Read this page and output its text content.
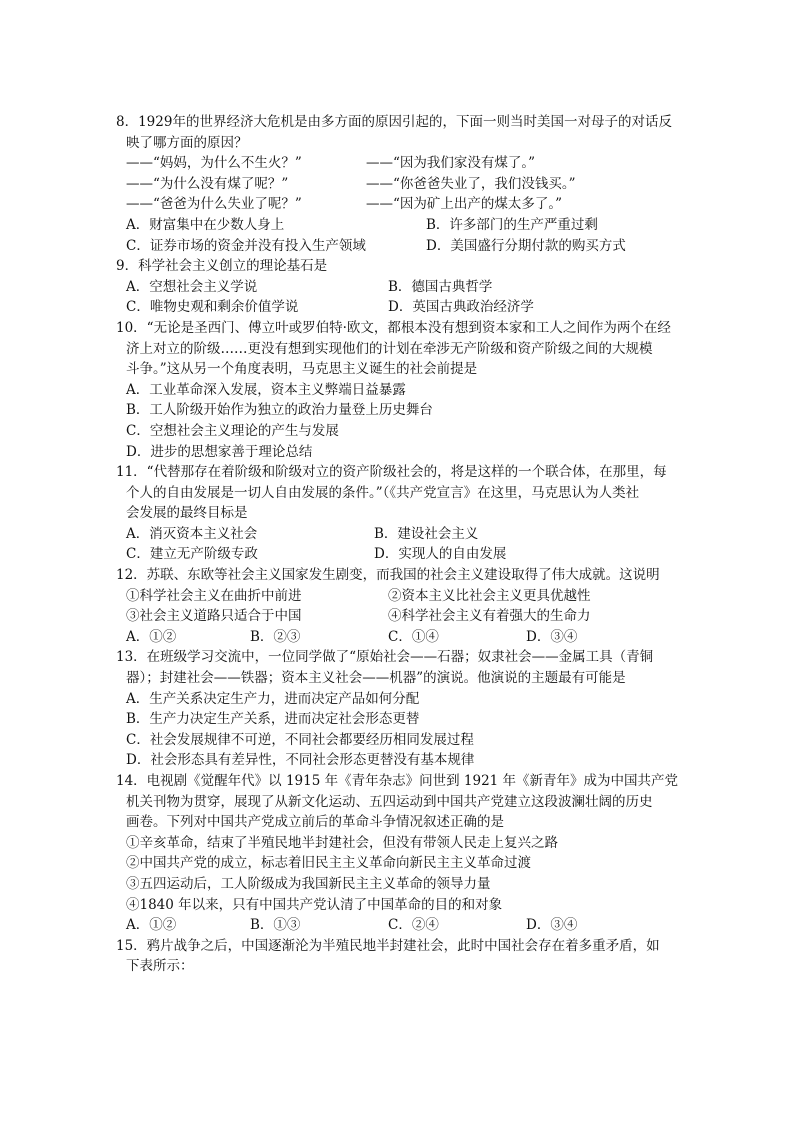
8．1929年的世界经济大危机是由多方面的原因引起的，下面一则当时美国一对母子的对话反
映了哪方面的原因？
——“妈妈，为什么不生火？”	——“因为我们家没有煤了。”
——“为什么没有煤了呢？”	——“你爸爸失业了，我们没钱买。”
——“爸爸为什么失业了呢？”	——“因为矿上出产的煤太多了。”
A．财富集中在少数人身上	B．许多部门的生产严重过剩
C．证券市场的资金并没有投入生产领域	D．美国盛行分期付款的购买方式
9．科学社会主义创立的理论基石是
A．空想社会主义学说	B．德国古典哲学
C．唯物史观和剩余价值学说	D．英国古典政治经济学
10．“无论是圣西门、傅立叶或罗伯特·欧文，都根本没有想到资本家和工人之间作为两个在经
济上对立的阶级……更没有想到实现他们的计划在牵涉无产阶级和资产阶级之间的大规模
斗争。”这从另一个角度表明，马克思主义诞生的社会前提是
A．工业革命深入发展，资本主义弊端日益暴露
B．工人阶级开始作为独立的政治力量登上历史舞台
C．空想社会主义理论的产生与发展
D．进步的思想家善于理论总结
11．“代替那存在着阶级和阶级对立的资产阶级社会的，将是这样的一个联合体，在那里，每
个人的自由发展是一切人自由发展的条件。”（《共产党宣言》在这里，马克思认为人类社
会发展的最终目标是
A．消灭资本主义社会	B．建设社会主义
C．建立无产阶级专政	D．实现人的自由发展
12．苏联、东欧等社会主义国家发生剧变，而我国的社会主义建设取得了伟大成就。这说明
①科学社会主义在曲折中前进	②资本主义比社会主义更具优越性
③社会主义道路只适合于中国	④科学社会主义有着强大的生命力
A．①②	B．②③	C．①④	D．③④
13．在班级学习交流中，一位同学做了“原始社会——石器；奴隶社会——金属工具（青铜
器）；封建社会——铁器；资本主义社会——机器”的演说。他演说的主题最有可能是
A．生产关系决定生产力，进而决定产品如何分配
B．生产力决定生产关系，进而决定社会形态更替
C．社会发展规律不可逆，不同社会都要经历相同发展过程
D．社会形态具有差异性，不同社会形态更替没有基本规律
14．电视剧《觉醒年代》以 1915 年《青年杂志》问世到 1921 年《新青年》成为中国共产党
机关刊物为贯穿，展现了从新文化运动、五四运动到中国共产党建立这段波澜壮阔的历史
画卷。下列对中国共产党成立前后的革命斗争情况叙述正确的是
①辛亥革命，结束了半殖民地半封建社会，但没有带领人民走上复兴之路
②中国共产党的成立，标志着旧民主主义革命向新民主主义革命过渡
③五四运动后，工人阶级成为我国新民主主义革命的领导力量
④1840 年以来，只有中国共产党认清了中国革命的目的和对象
A．①②	B．①③	C．②④	D．③④
15．鸦片战争之后，中国逐渐沦为半殖民地半封建社会，此时中国社会存在着多重矛盾，如
下表所示：
